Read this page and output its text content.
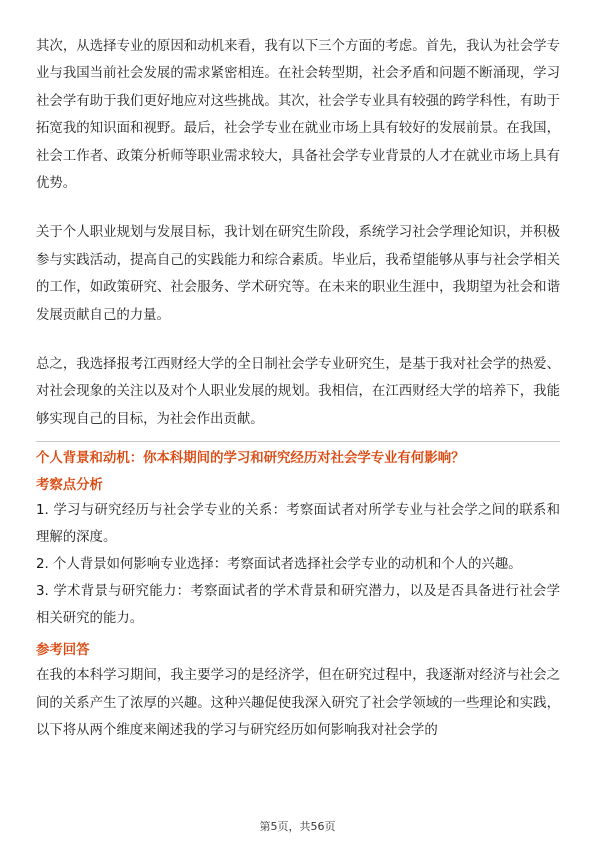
其次，从选择专业的原因和动机来看，我有以下三个方面的考虑。首先，我认为社会学专业与我国当前社会发展的需求紧密相连。在社会转型期，社会矛盾和问题不断涌现，学习社会学有助于我们更好地应对这些挑战。其次，社会学专业具有较强的跨学科性，有助于拓宽我的知识面和视野。最后，社会学专业在就业市场上具有较好的发展前景。在我国，社会工作者、政策分析师等职业需求较大，具备社会学专业背景的人才在就业市场上具有优势。

关于个人职业规划与发展目标，我计划在研究生阶段，系统学习社会学理论知识，并积极参与实践活动，提高自己的实践能力和综合素质。毕业后，我希望能够从事与社会学相关的工作，如政策研究、社会服务、学术研究等。在未来的职业生涯中，我期望为社会和谐发展贡献自己的力量。

总之，我选择报考江西财经大学的全日制社会学专业研究生，是基于我对社会学的热爱、对社会现象的关注以及对个人职业发展的规划。我相信，在江西财经大学的培养下，我能够实现自己的目标，为社会作出贡献。

个人背景和动机：你本科期间的学习和研究经历对社会学专业有何影响？

考察点分析

1. 学习与研究经历与社会学专业的关系：考察面试者对所学专业与社会学之间的联系和理解的深度。

2. 个人背景如何影响专业选择：考察面试者选择社会学专业的动机和个人的兴趣。

3. 学术背景与研究能力：考察面试者的学术背景和研究潜力，以及是否具备进行社会学相关研究的能力。

参考回答

在我的本科学习期间，我主要学习的是经济学，但在研究过程中，我逐渐对经济与社会之间的关系产生了浓厚的兴趣。这种兴趣促使我深入研究了社会学领域的一些理论和实践，以下将从两个维度来阐述我的学习与研究经历如何影响我对社会学的

第5页，共56页
